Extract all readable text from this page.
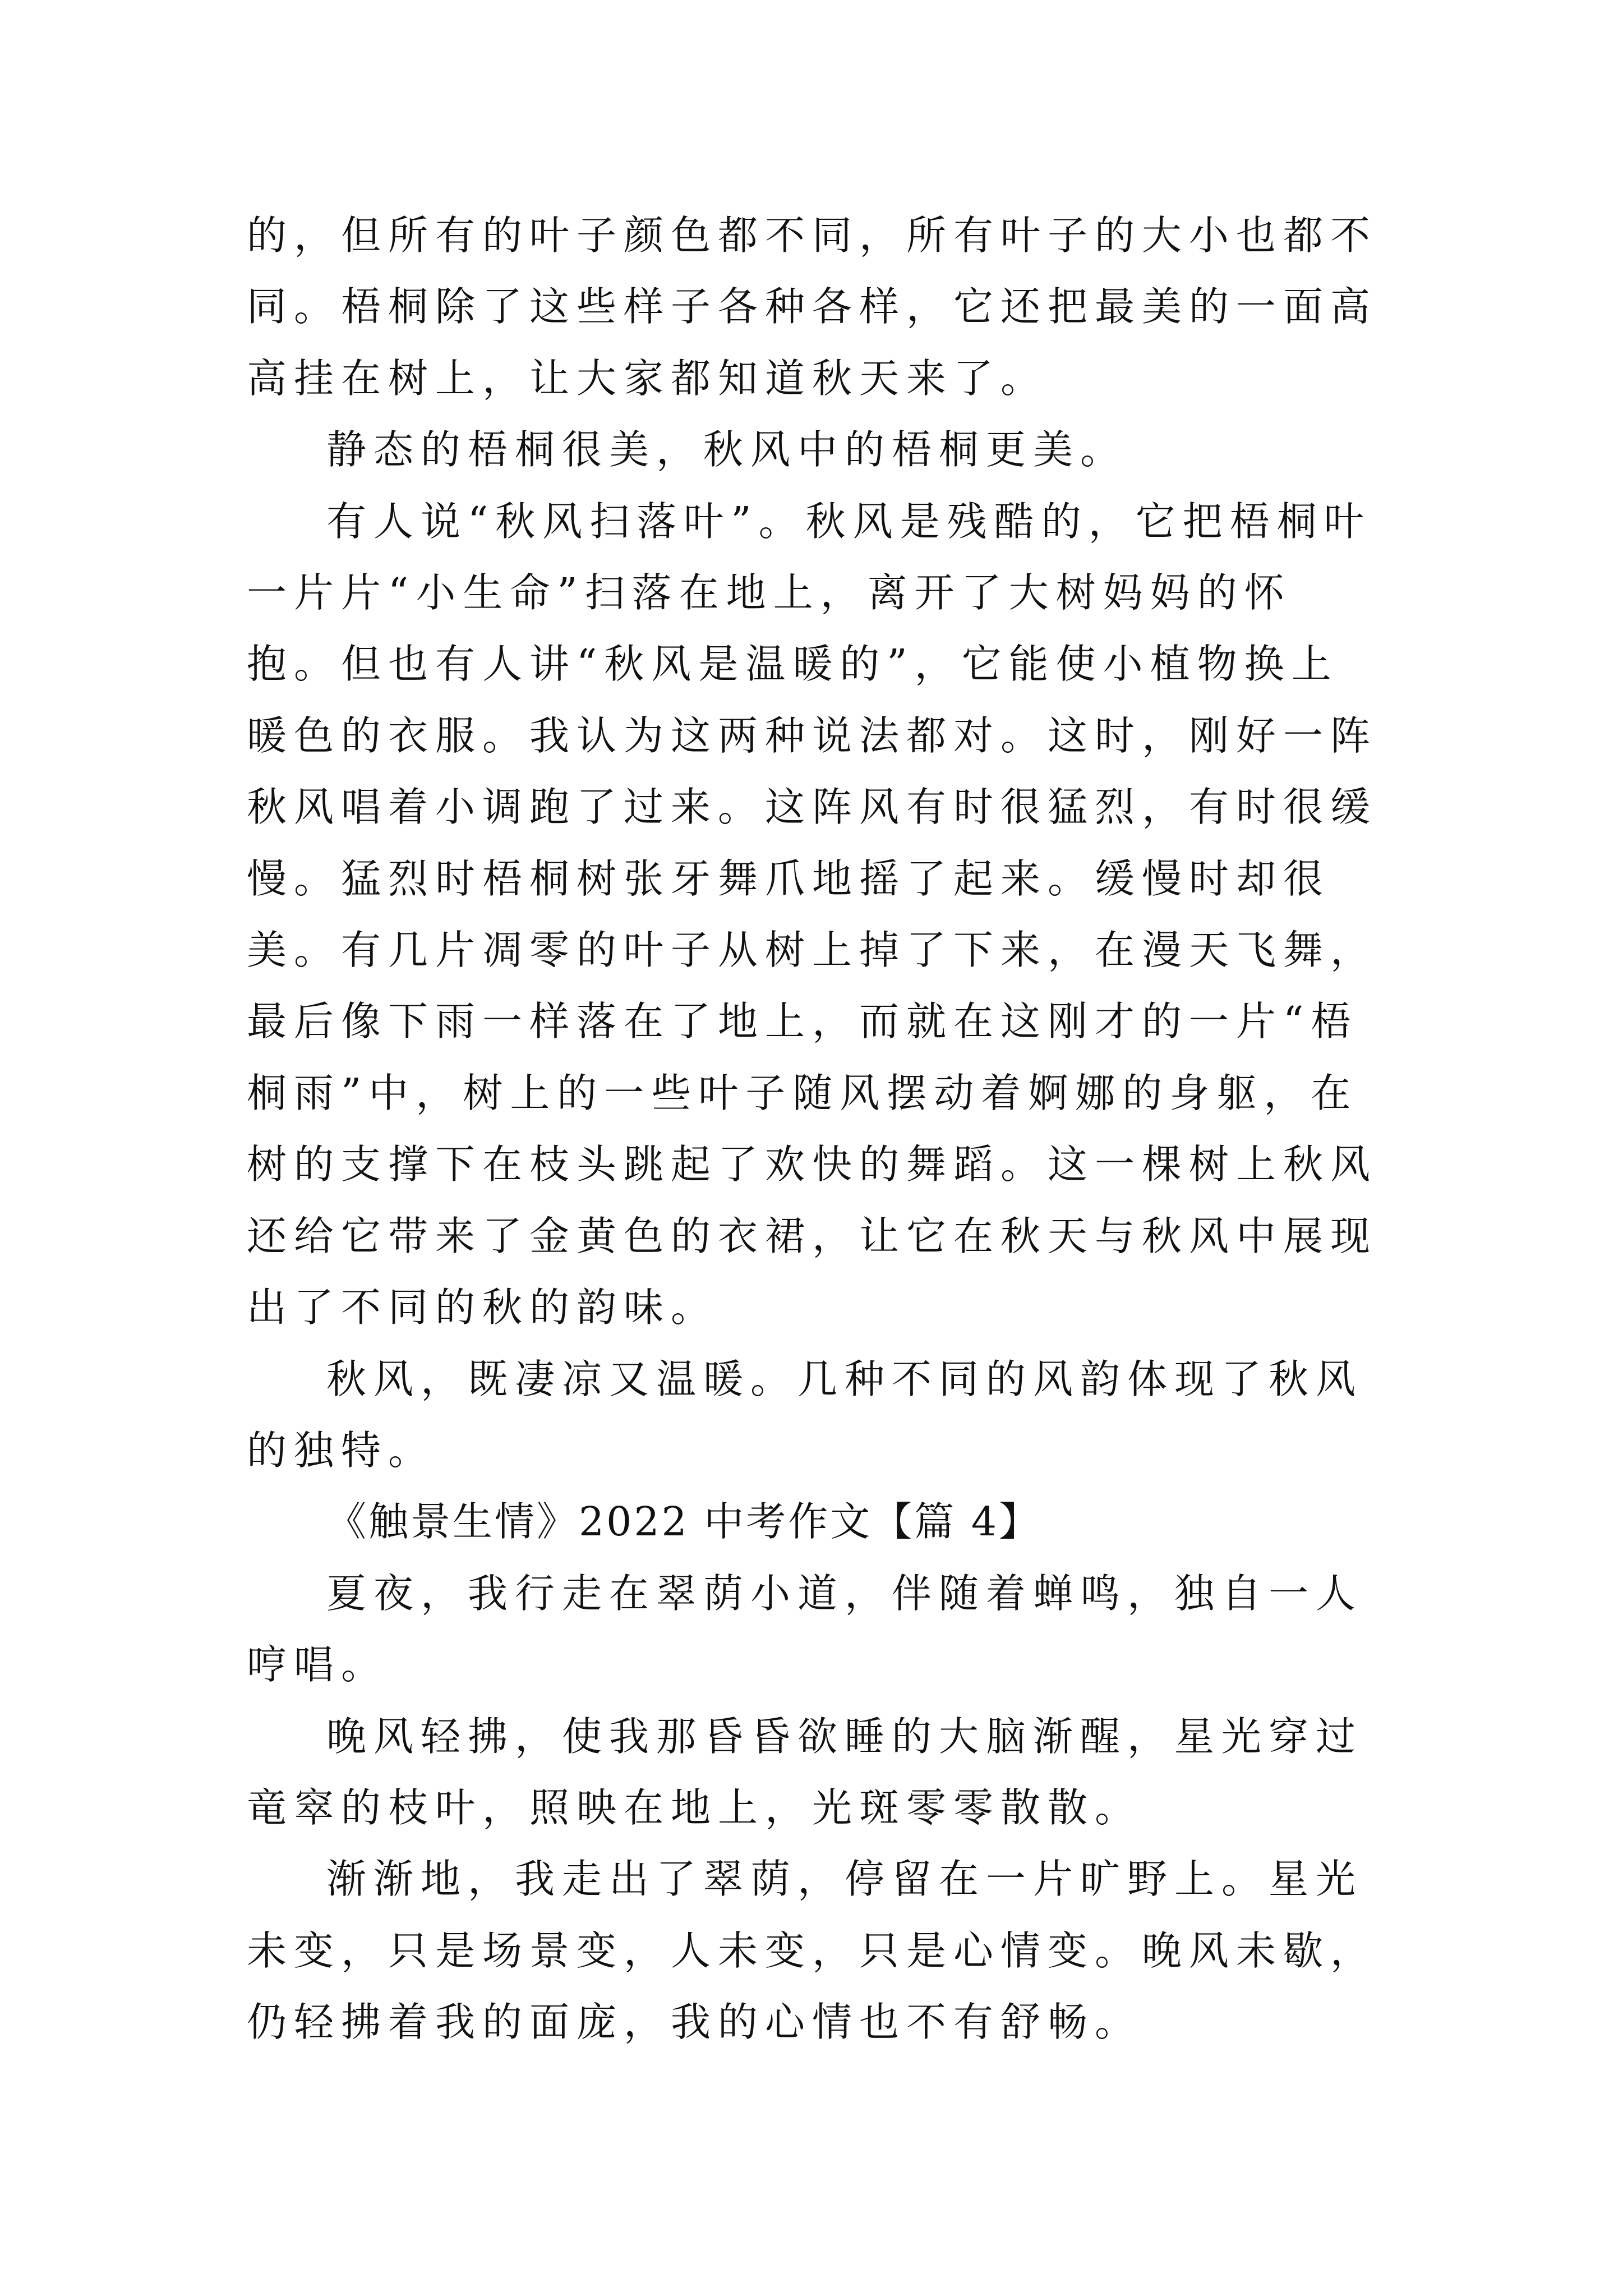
的，但所有的叶子颜色都不同，所有叶子的大小也都不同。梧桐除了这些样子各种各样，它还把最美的一面高高挂在树上，让大家都知道秋天来了。
静态的梧桐很美，秋风中的梧桐更美。
有人说“秋风扫落叶”。秋风是残酷的，它把梧桐叶一片片“小生命”扫落在地上，离开了大树妈妈的怀抱。但也有人讲“秋风是温暖的”，它能使小植物换上暖色的衣服。我认为这两种说法都对。这时，刚好一阵秋风唱着小调跑了过来。这阵风有时很猛烈，有时很缓慢。猛烈时梧桐树张牙舞爪地摇了起来。缓慢时却很美。有几片凋零的叶子从树上掉了下来，在漫天飞舞，最后像下雨一样落在了地上，而就在这刚才的一片“梧桐雨”中，树上的一些叶子随风摆动着婀娜的身躯，在树的支撑下在枝头跳起了欢快的舞蹈。这一棵树上秋风还给它带来了金黄色的衣裙，让它在秋天与秋风中展现出了不同的秋的韵味。
秋风，既凄凉又温暖。几种不同的风韵体现了秋风的独特。
《触景生情》2022 中考作文【篇 4】
夏夜，我行走在翠荫小道，伴随着蝉鸣，独自一人哼唱。
晚风轻拂，使我那昏昏欲睡的大脑渐醒，星光穿过竜窣的枝叶，照映在地上，光斑零零散散。
渐渐地，我走出了翠荫，停留在一片旷野上。星光未变，只是场景变，人未变，只是心情变。晚风未歇，仍轻拂着我的面庞，我的心情也不有舒畅。
